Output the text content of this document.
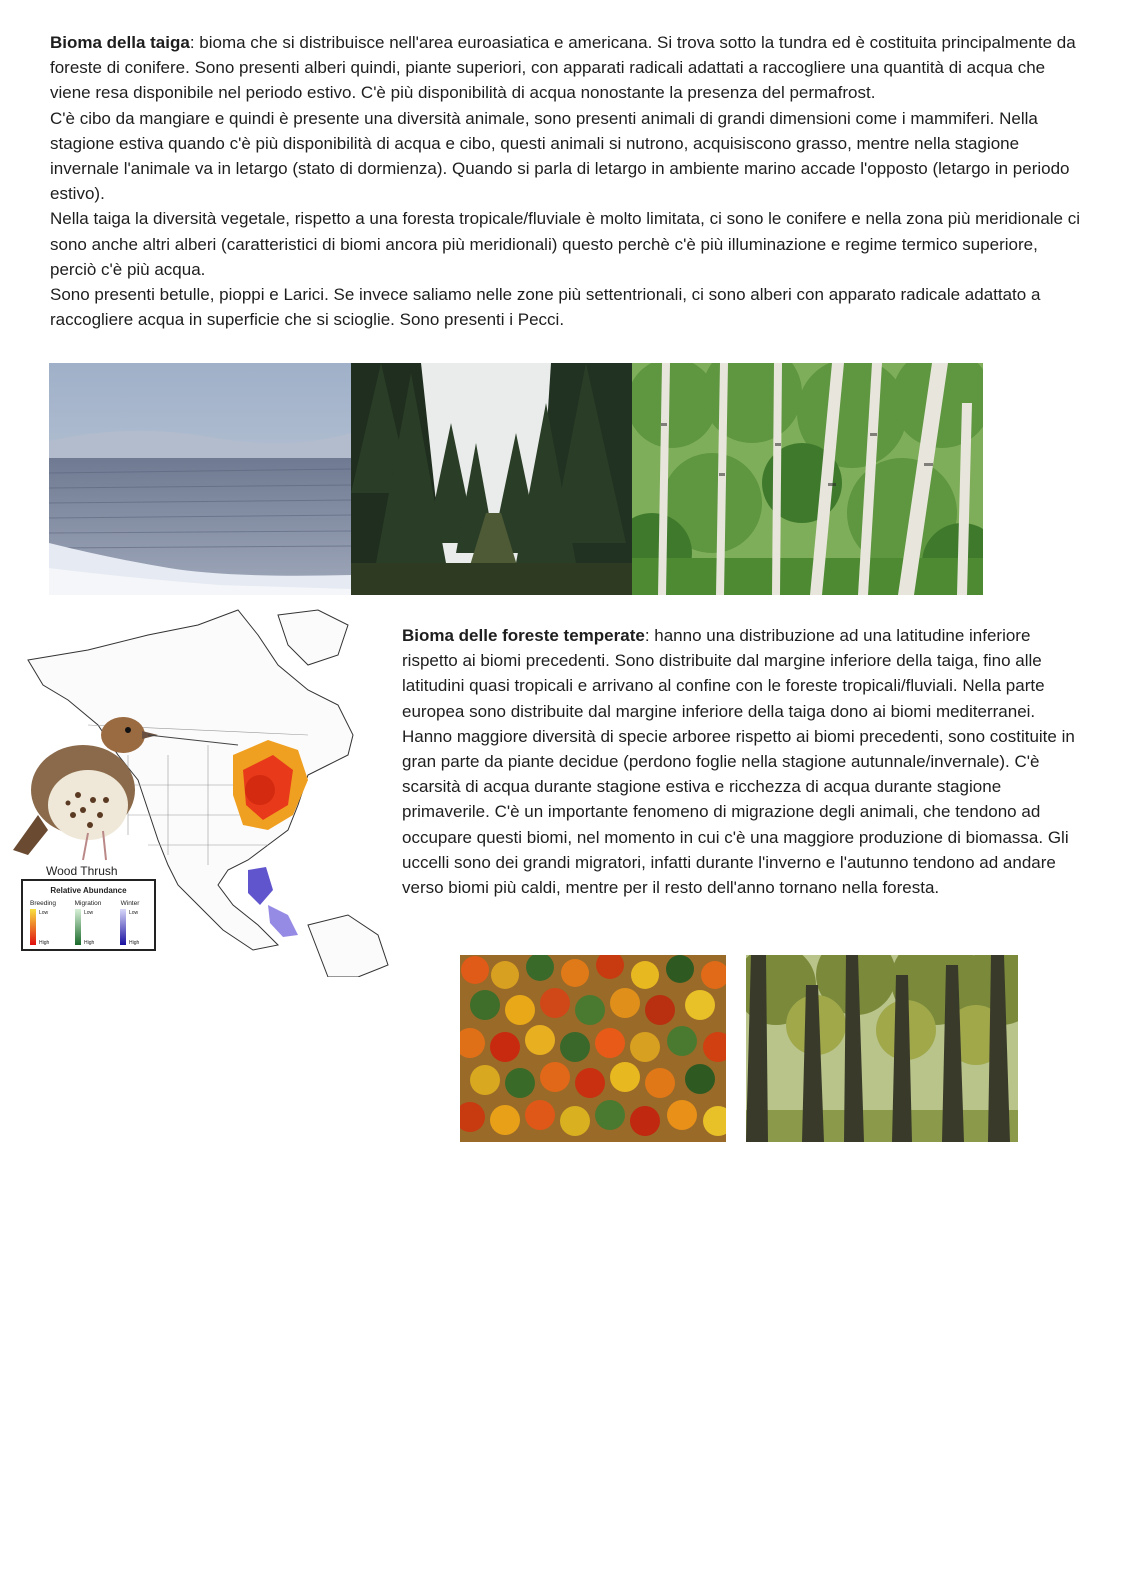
Bioma della taiga: bioma che si distribuisce nell'area euroasiatica e americana. Si trova sotto la tundra ed è costituita principalmente da foreste di conifere. Sono presenti alberi quindi, piante superiori, con apparati radicali adattati a raccogliere una quantità di acqua che viene resa disponibile nel periodo estivo. C'è più disponibilità di acqua nonostante la presenza del permafrost.

C'è cibo da mangiare e quindi è presente una diversità animale, sono presenti animali di grandi dimensioni come i mammiferi. Nella stagione estiva quando c'è più disponibilità di acqua e cibo, questi animali si nutrono, acquisiscono grasso, mentre nella stagione invernale l'animale va in letargo (stato di dormienza). Quando si parla di letargo in ambiente marino accade l'opposto (letargo in periodo estivo).

Nella taiga la diversità vegetale, rispetto a una foresta tropicale/fluviale è molto limitata, ci sono le conifere e nella zona più meridionale ci sono anche altri alberi (caratteristici di biomi ancora più meridionali) questo perchè c'è più illuminazione e regime termico superiore, perciò c'è più acqua.

Sono presenti betulle, pioppi e Larici. Se invece saliamo nelle zone più settentrionali, ci sono alberi con apparato radicale adattato a raccogliere acqua in superficie che si scioglie. Sono presenti i Pecci.

Wood Thrush
Relative Abundance
Breeding	Migration	Winter
Low
High
Low
High
Low
High

Bioma delle foreste temperate: hanno una distribuzione ad una latitudine inferiore rispetto ai biomi precedenti. Sono distribuite dal margine inferiore della taiga, fino alle latitudini quasi tropicali e arrivano al confine con le foreste tropicali/fluviali. Nella parte europea sono distribuite dal margine inferiore della taiga dono ai biomi mediterranei.

Hanno maggiore diversità di specie arboree rispetto ai biomi precedenti, sono costituite in gran parte da piante decidue (perdono foglie nella stagione autunnale/invernale). C'è scarsità di acqua durante stagione estiva e ricchezza di acqua durante stagione primaverile. C'è un importante fenomeno di migrazione degli animali, che tendono ad occupare questi biomi, nel momento in cui c'è una maggiore produzione di biomassa. Gli uccelli sono dei grandi migratori, infatti durante l'inverno e l'autunno tendono ad andare verso biomi più caldi, mentre per il resto dell'anno tornano nella foresta.
